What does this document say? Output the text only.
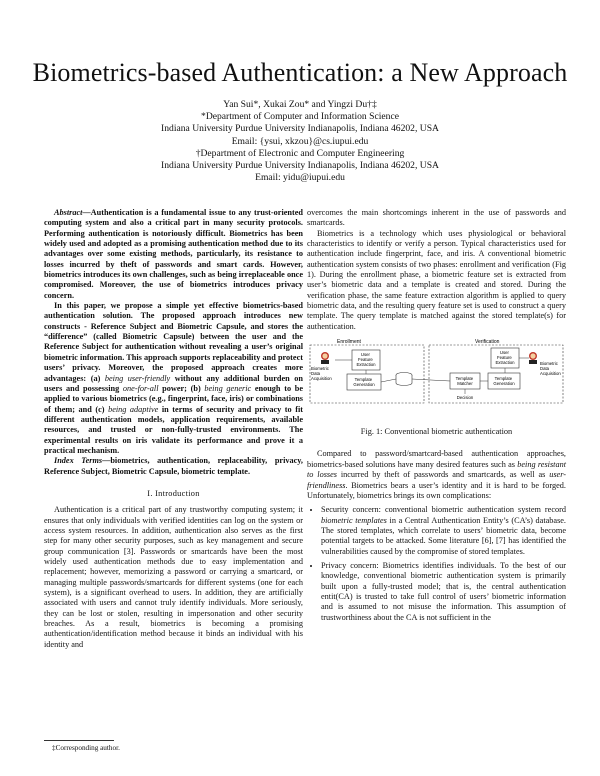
Biometrics-based Authentication: a New Approach
Yan Sui*, Xukai Zou* and Yingzi Du†‡
*Department of Computer and Information Science
Indiana University Purdue University Indianapolis, Indiana 46202, USA
Email: {ysui, xkzou}@cs.iupui.edu
†Department of Electronic and Computer Engineering
Indiana University Purdue University Indianapolis, Indiana 46202, USA
Email: yidu@iupui.edu

Abstract—Authentication is a fundamental issue to any trust-oriented computing system and also a critical part in many security protocols. Performing authentication is notoriously difficult. Biometrics has been widely used and adopted as a promising authentication method due to its advantages over some existing methods, particularly, its resistance to losses incurred by theft of passwords and smart cards. However, biometrics introduces its own challenges, such as being irreplaceable once compromised. Moreover, the use of biometrics introduces privacy concern.

In this paper, we propose a simple yet effective biometrics-based authentication solution. The proposed approach introduces new constructs - Reference Subject and Biometric Capsule, and stores the “difference” (called Biometric Capsule) between the user and the Reference Subject for authentication without revealing a user’s original biometric information. This approach supports replaceability and protect users’ privacy. Moreover, the proposed approach creates more advantages: (a) being user-friendly without any additional burden on users and possessing one-for-all power; (b) being generic enough to be applied to various biometrics (e.g., fingerprint, face, iris) or combinations of them; and (c) being adaptive in terms of security and privacy to fit different authentication models, application requirements, available resources, and trusted or non-fully-trusted environments. The experimental results on iris validate its performance and prove it a practical mechanism.

Index Terms—biometrics, authentication, replaceability, privacy, Reference Subject, Biometric Capsule, biometric template.

I. Introduction

Authentication is a critical part of any trustworthy computing system; it ensures that only individuals with verified identities can log on the system or access system resources. In addition, authentication also serves as the first step for many other security purposes, such as key management and secure group communication [3]. Passwords or smartcards have been the most widely used authentication methods due to easy implementation and replacement; however, memorizing a password or carrying a smartcard, or managing multiple passwords/smartcards for different systems (one for each system), is a significant overhead to users. In addition, they are artificially associated with users and cannot truly identify individuals. More seriously, they can be lost or stolen, resulting in impersonation and other security breaches. As a result, biometrics is becoming a promising authentication/identification method because it binds an individual with his identity and

‡Corresponding author.

overcomes the main shortcomings inherent in the use of passwords and smartcards.

Biometrics is a technology which uses physiological or behavioral characteristics to identify or verify a person. Typical characteristics used for authentication include fingerprint, face, and iris. A conventional biometric authentication system consists of two phases: enrollment and verification (Fig 1). During the enrollment phase, a biometric feature set is extracted from user’s biometric data and a template is created and stored. During the verification phase, the same feature extraction algorithm is applied to query biometric data, and the resulting query feature set is used to construct a query template. The query template is matched against the stored template(s) for authentication.

Enrollment	Verification
Biometric Data Acquisition
User Feature Extraction
Template Generation
Template Matcher
Template Generation
User Feature Extraction	Biometric Data Acquisition
Decision
Fig. 1: Conventional biometric authentication

Compared to password/smartcard-based authentication approaches, biometrics-based solutions have many desired features such as being resistant to losses incurred by theft of passwords and smartcards, as well as user-friendliness. Biometrics bears a user’s identity and it is hard to be forged. Unfortunately, biometrics brings its own complications:

• Security concern: conventional biometric authentication system record biometric templates in a Central Authentication Entity’s (CA’s) database. The stored templates, which correlate to users’ biometric data, become potential targets to be attacked. Some literature [6], [7] has identified the vulnerabilities caused by the compromise of stored templates.
• Privacy concern: Biometrics identifies individuals. To the best of our knowledge, conventional biometric authentication system is primarily built upon a fully-trusted model; that is, the central authentication entit(CA) is trusted to take full control of users’ biometric information and is assumed to not misuse the information. This assumption of trustworthiness about the CA is not sufficient in the
